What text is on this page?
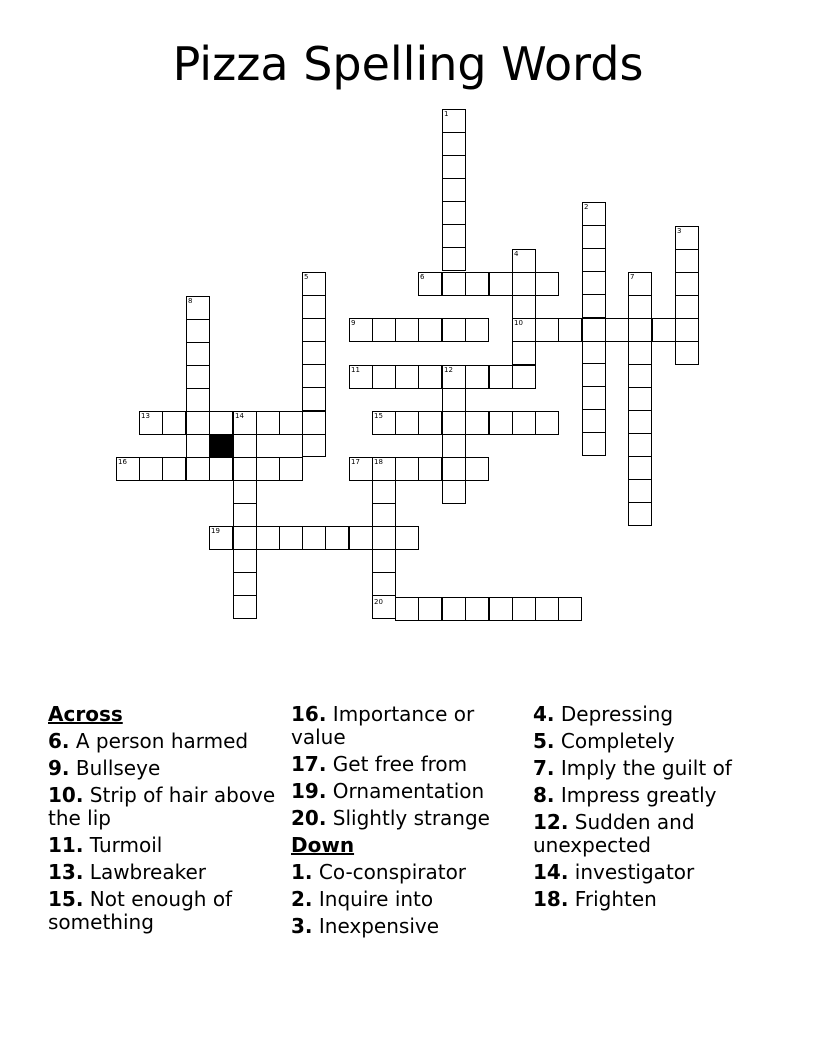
Pizza Spelling Words
1
2
3
4
5	6	7
8
9	10
11	12
13	14	15
16	17 18
19
20
Across
6. A person harmed
9. Bullseye
10. Strip of hair above the lip
11. Turmoil
13. Lawbreaker
15. Not enough of something
16. Importance or value
17. Get free from
19. Ornamentation
20. Slightly strange
Down
1. Co-conspirator
2. Inquire into
3. Inexpensive
4. Depressing
5. Completely
7. Imply the guilt of
8. Impress greatly
12. Sudden and unexpected
14. investigator
18. Frighten
